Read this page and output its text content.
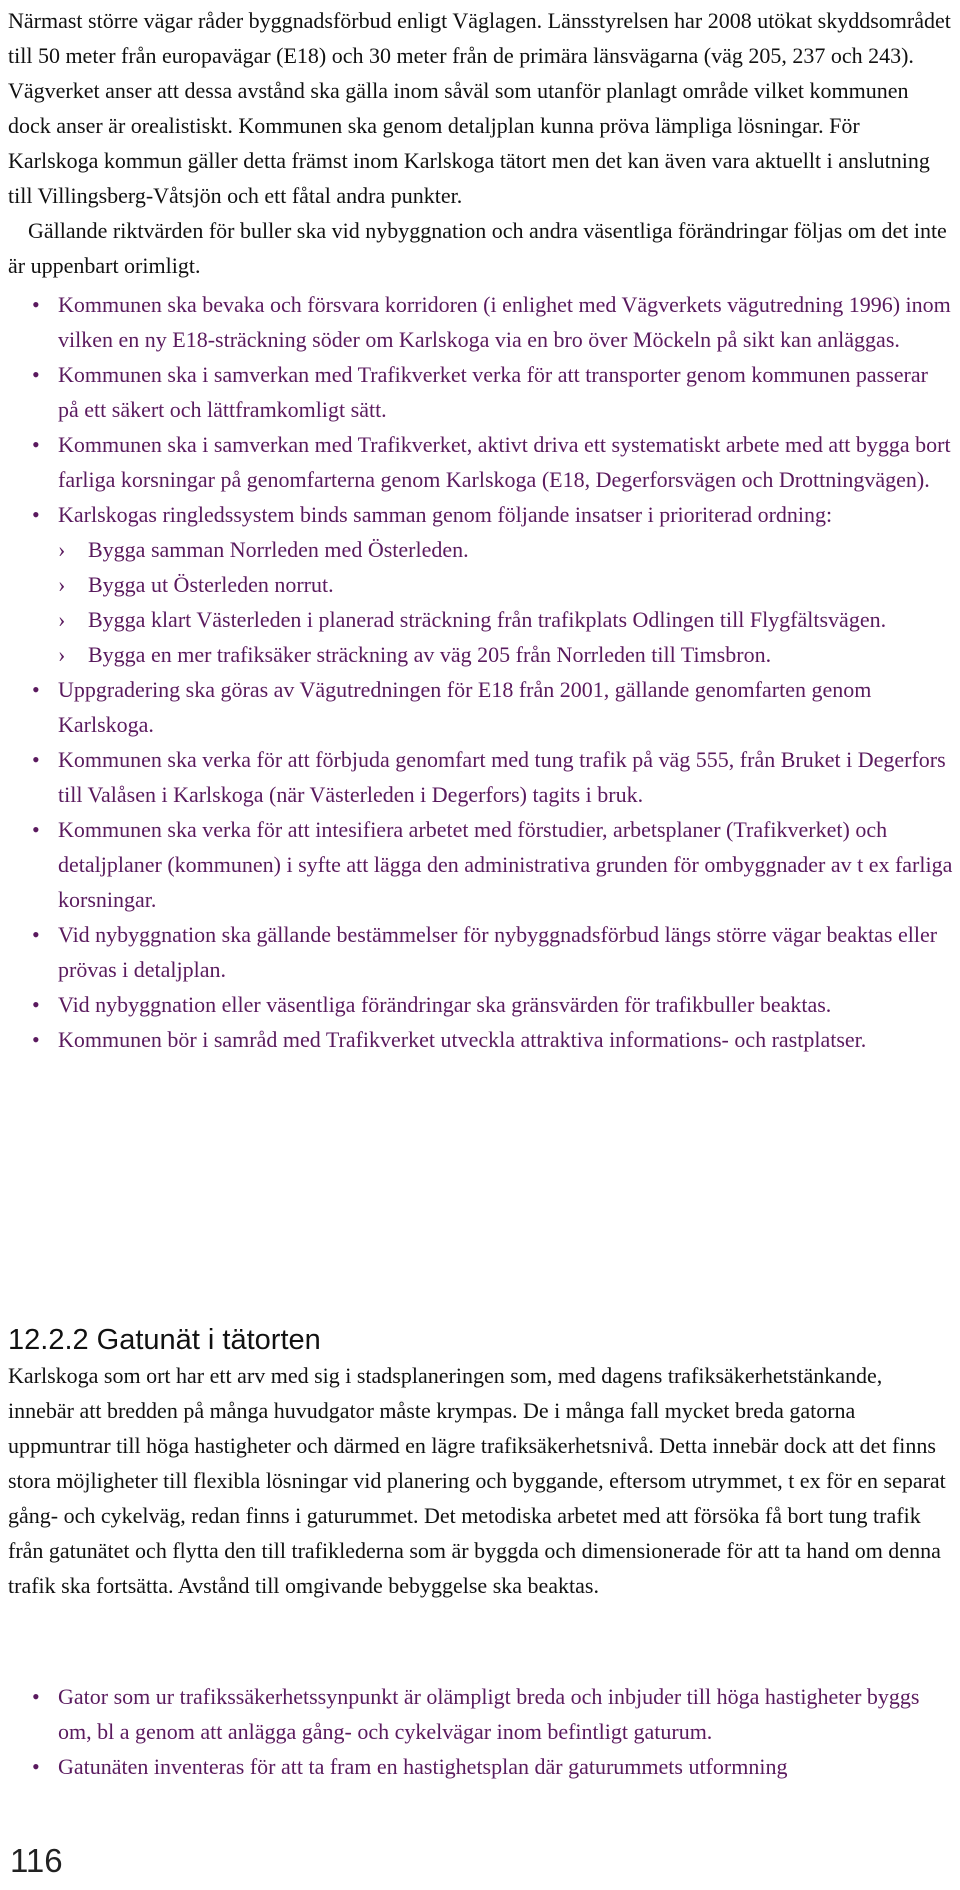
Närmast större vägar råder byggnadsförbud enligt Väglagen. Länsstyrelsen har 2008 utökat skyddsområdet till 50 meter från europavägar (E18) och 30 meter från de primära länsvägarna (väg 205, 237 och 243). Vägverket anser att dessa avstånd ska gälla inom såväl som utanför planlagt område vilket kommunen dock anser är orealistiskt. Kommunen ska genom detaljplan kunna pröva lämpliga lösningar. För Karlskoga kommun gäller detta främst inom Karlskoga tätort men det kan även vara aktuellt i anslutning till Villingsberg-Våtsjön och ett fåtal andra punkter.

Gällande riktvärden för buller ska vid nybyggnation och andra väsentliga förändringar följas om det inte är uppenbart orimligt.

• Kommunen ska bevaka och försvara korridoren (i enlighet med Vägverkets vägutredning 1996) inom vilken en ny E18-sträckning söder om Karlskoga via en bro över Möckeln på sikt kan anläggas.
• Kommunen ska i samverkan med Trafikverket verka för att transporter genom kommunen passerar på ett säkert och lättframkomligt sätt.
• Kommunen ska i samverkan med Trafikverket, aktivt driva ett systematiskt arbete med att bygga bort farliga korsningar på genomfarterna genom Karlskoga (E18, Degerforsvägen och Drottningvägen).
• Karlskogas ringledssystem binds samman genom följande insatser i prioriterad ordning:
› Bygga samman Norrleden med Österleden.
› Bygga ut Österleden norrut.
› Bygga klart Västerleden i planerad sträckning från trafikplats Odlingen till Flygfältsvägen.
› Bygga en mer trafiksäker sträckning av väg 205 från Norrleden till Timsbron.
• Uppgradering ska göras av Vägutredningen för E18 från 2001, gällande genomfarten genom Karlskoga.
• Kommunen ska verka för att förbjuda genomfart med tung trafik på väg 555, från Bruket i Degerfors till Valåsen i Karlskoga (när Västerleden i Degerfors) tagits i bruk.
• Kommunen ska verka för att intesifiera arbetet med förstudier, arbetsplaner (Trafikverket) och detaljplaner (kommunen) i syfte att lägga den administrativa grunden för ombyggnader av t ex farliga korsningar.
• Vid nybyggnation ska gällande bestämmelser för nybyggnadsförbud längs större vägar beaktas eller prövas i detaljplan.
• Vid nybyggnation eller väsentliga förändringar ska gränsvärden för trafikbuller beaktas.
• Kommunen bör i samråd med Trafikverket utveckla attraktiva informations- och rastplatser.
12.2.2 Gatunät i tätorten

Karlskoga som ort har ett arv med sig i stadsplaneringen som, med dagens trafiksäkerhetstänkande, innebär att bredden på många huvudgator måste krympas. De i många fall mycket breda gatorna uppmuntrar till höga hastigheter och därmed en lägre trafiksäkerhetsnivå. Detta innebär dock att det finns stora möjligheter till flexibla lösningar vid planering och byggande, eftersom utrymmet, t ex för en separat gång- och cykelväg, redan finns i gaturummet. Det metodiska arbetet med att försöka få bort tung trafik från gatunätet och flytta den till trafiklederna som är byggda och dimensionerade för att ta hand om denna trafik ska fortsätta. Avstånd till omgivande bebyggelse ska beaktas.

• Gator som ur trafikssäkerhetssynpunkt är olämpligt breda och inbjuder till höga hastigheter byggs om, bl a genom att anlägga gång- och cykelvägar inom befintligt gaturum.
• Gatunäten inventeras för att ta fram en hastighetsplan där gaturummets utformning
116
